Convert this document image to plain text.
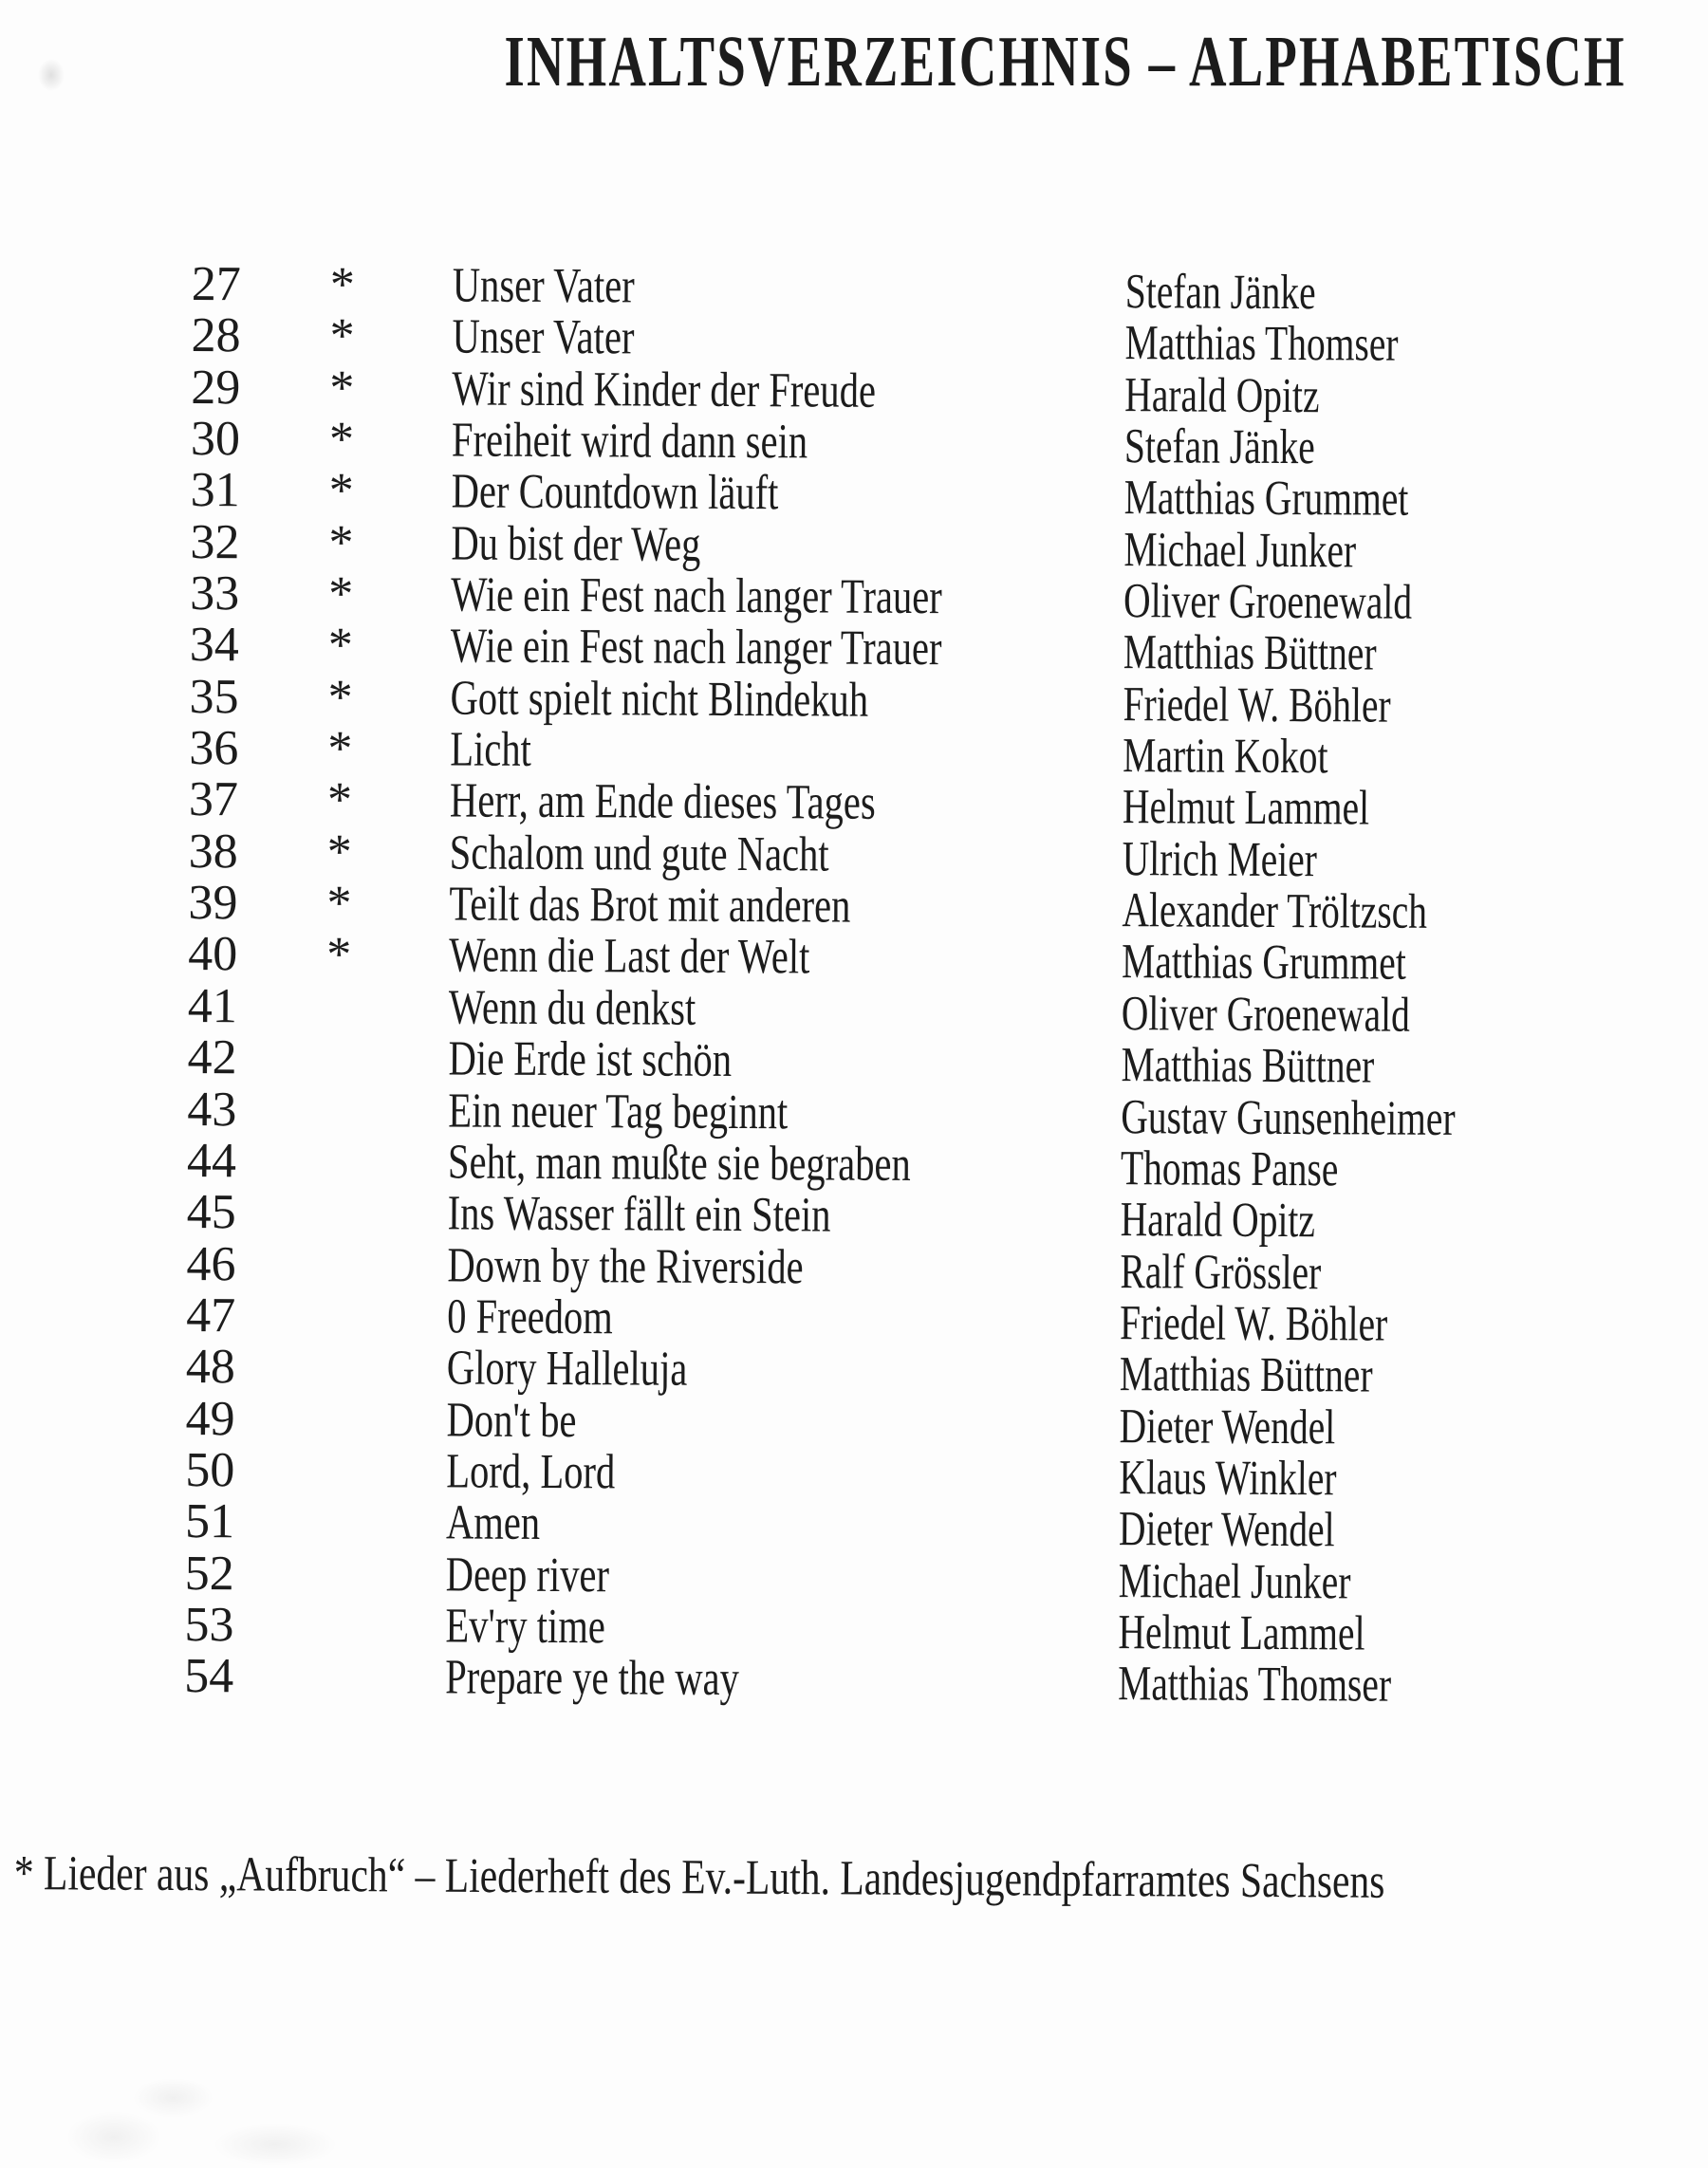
INHALTSVERZEICHNIS – ALPHABETISCH
27 * Unser Vater	Stefan Jänke
28 * Unser Vater	Matthias Thomser
29 * Wir sind Kinder der Freude	Harald Opitz
30 * Freiheit wird dann sein	Stefan Jänke
31 * Der Countdown läuft	Matthias Grummet
32 * Du bist der Weg	Michael Junker
33 * Wie ein Fest nach langer Trauer	Oliver Groenewald
34 * Wie ein Fest nach langer Trauer	Matthias Büttner
35 * Gott spielt nicht Blindekuh	Friedel W. Böhler
36 * Licht	Martin Kokot
37 * Herr, am Ende dieses Tages	Helmut Lammel
38 * Schalom und gute Nacht	Ulrich Meier
39 * Teilt das Brot mit anderen	Alexander Tröltzsch
40 * Wenn die Last der Welt	Matthias Grummet
41	Wenn du denkst	Oliver Groenewald
42	Die Erde ist schön	Matthias Büttner
43	Ein neuer Tag beginnt	Gustav Gunsenheimer
44	Seht, man mußte sie begraben	Thomas Panse
45	Ins Wasser fällt ein Stein	Harald Opitz
46	Down by the Riverside	Ralf Grössler
47	0 Freedom	Friedel W. Böhler
48	Glory Halleluja	Matthias Büttner
49	Don't be	Dieter Wendel
50	Lord, Lord	Klaus Winkler
51	Amen	Dieter Wendel
52	Deep river	Michael Junker
53	Ev'ry time	Helmut Lammel
54	Prepare ye the way	Matthias Thomser

* Lieder aus „Aufbruch“ – Liederheft des Ev.-Luth. Landesjugendpfarramtes Sachsens
